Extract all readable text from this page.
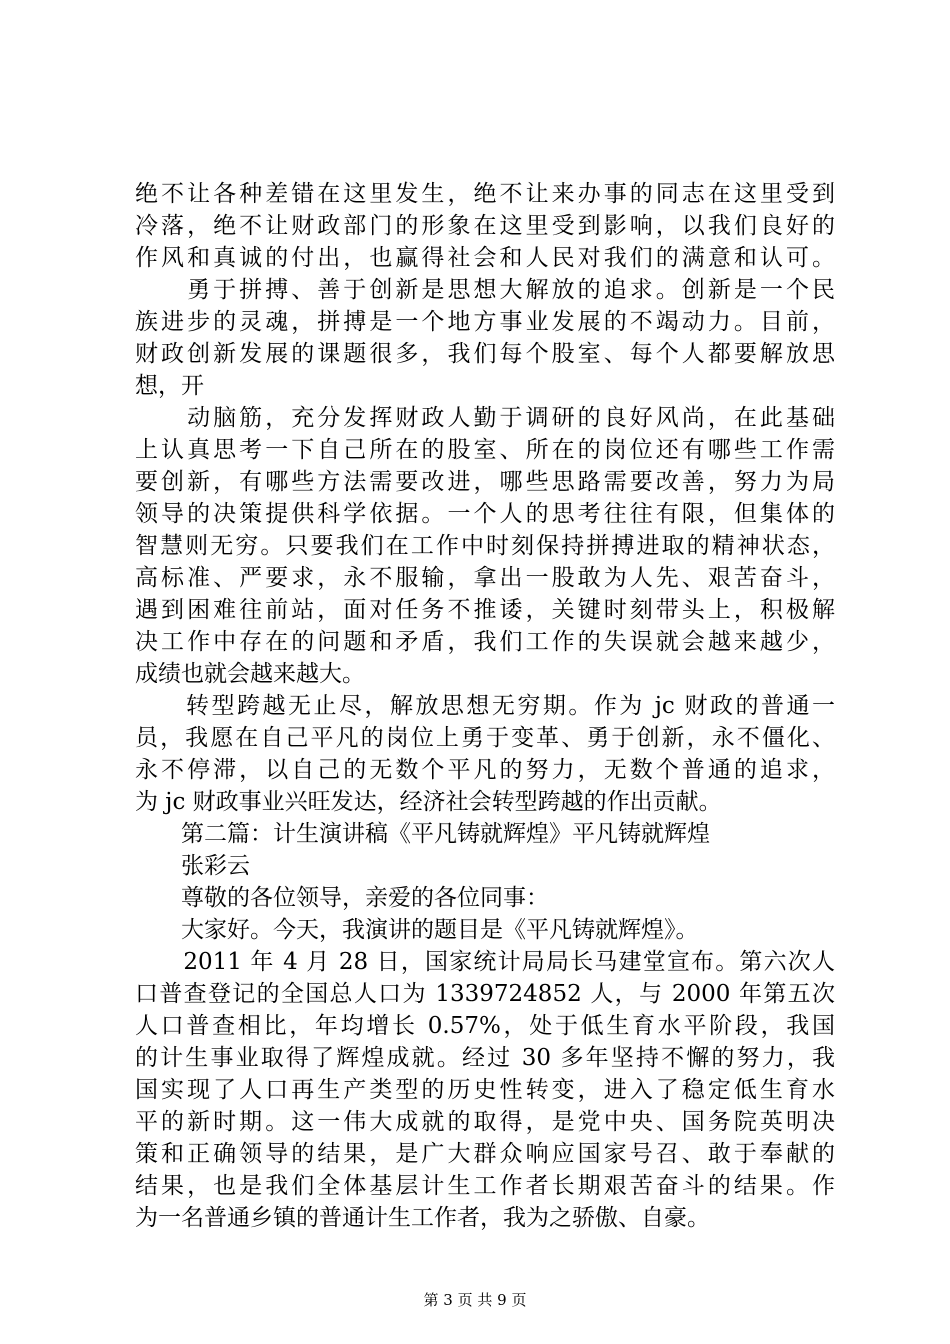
绝不让各种差错在这里发生，绝不让来办事的同志在这里受到
冷落，绝不让财政部门的形象在这里受到影响，以我们良好的
作风和真诚的付出，也赢得社会和人民对我们的满意和认可。
　　勇于拼搏、善于创新是思想大解放的追求。创新是一个民
族进步的灵魂，拼搏是一个地方事业发展的不竭动力。目前，
财政创新发展的课题很多，我们每个股室、每个人都要解放思
想，开
　　动脑筋，充分发挥财政人勤于调研的良好风尚，在此基础
上认真思考一下自己所在的股室、所在的岗位还有哪些工作需
要创新，有哪些方法需要改进，哪些思路需要改善，努力为局
领导的决策提供科学依据。一个人的思考往往有限，但集体的
智慧则无穷。只要我们在工作中时刻保持拼搏进取的精神状态，
高标准、严要求，永不服输，拿出一股敢为人先、艰苦奋斗，
遇到困难往前站，面对任务不推诿，关键时刻带头上，积极解
决工作中存在的问题和矛盾，我们工作的失误就会越来越少，
成绩也就会越来越大。
　　转型跨越无止尽，解放思想无穷期。作为 jc 财政的普通一
员，我愿在自己平凡的岗位上勇于变革、勇于创新，永不僵化、
永不停滞，以自己的无数个平凡的努力，无数个普通的追求，
为 jc 财政事业兴旺发达，经济社会转型跨越的作出贡献。
　　第二篇：计生演讲稿《平凡铸就辉煌》平凡铸就辉煌
　　张彩云
　　尊敬的各位领导，亲爱的各位同事：
　　大家好。今天，我演讲的题目是《平凡铸就辉煌》。
　　2011 年 4 月 28 日，国家统计局局长马建堂宣布。第六次人
口普查登记的全国总人口为 1339724852 人，与 2000 年第五次
人口普查相比，年均增长 0.57%，处于低生育水平阶段，我国
的计生事业取得了辉煌成就。经过 30 多年坚持不懈的努力，我
国实现了人口再生产类型的历史性转变，进入了稳定低生育水
平的新时期。这一伟大成就的取得，是党中央、国务院英明决
策和正确领导的结果，是广大群众响应国家号召、敢于奉献的
结果，也是我们全体基层计生工作者长期艰苦奋斗的结果。作
为一名普通乡镇的普通计生工作者，我为之骄傲、自豪。
第 3 页 共 9 页
